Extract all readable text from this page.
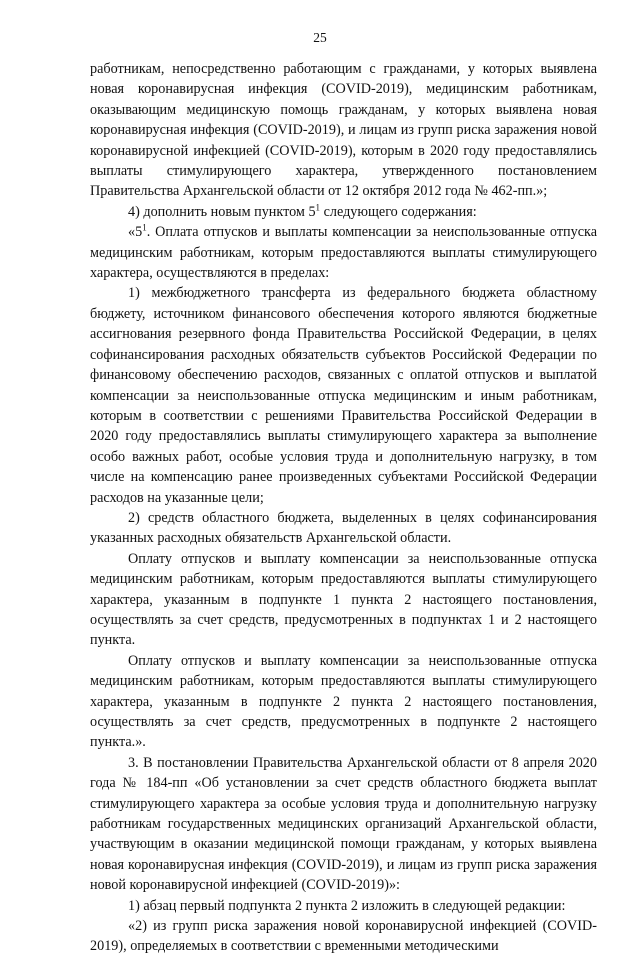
25

работникам, непосредственно работающим с гражданами, у которых выявлена новая коронавирусная инфекция (COVID-2019), медицинским работникам, оказывающим медицинскую помощь гражданам, у которых выявлена новая коронавирусная инфекция (COVID-2019), и лицам из групп риска заражения новой коронавирусной инфекцией (COVID-2019), которым в 2020 году предоставлялись выплаты стимулирующего характера, утвержденного постановлением Правительства Архангельской области от 12 октября 2012 года № 462-пп.»;

4) дополнить новым пунктом $5^1$ следующего содержания:

«$5^1$. Оплата отпусков и выплаты компенсации за неиспользованные отпуска медицинским работникам, которым предоставляются выплаты стимулирующего характера, осуществляются в пределах:

1) межбюджетного трансферта из федерального бюджета областному бюджету, источником финансового обеспечения которого являются бюджетные ассигнования резервного фонда Правительства Российской Федерации, в целях софинансирования расходных обязательств субъектов Российской Федерации по финансовому обеспечению расходов, связанных с оплатой отпусков и выплатой компенсации за неиспользованные отпуска медицинским и иным работникам, которым в соответствии с решениями Правительства Российской Федерации в 2020 году предоставлялись выплаты стимулирующего характера за выполнение особо важных работ, особые условия труда и дополнительную нагрузку, в том числе на компенсацию ранее произведенных субъектами Российской Федерации расходов на указанные цели;

2) средств областного бюджета, выделенных в целях софинансирования указанных расходных обязательств Архангельской области.

Оплату отпусков и выплату компенсации за неиспользованные отпуска медицинским работникам, которым предоставляются выплаты стимулирующего характера, указанным в подпункте 1 пункта 2 настоящего постановления, осуществлять за счет средств, предусмотренных в подпунктах 1 и 2 настоящего пункта.

Оплату отпусков и выплату компенсации за неиспользованные отпуска медицинским работникам, которым предоставляются выплаты стимулирующего характера, указанным в подпункте 2 пункта 2 настоящего постановления, осуществлять за счет средств, предусмотренных в подпункте 2 настоящего пункта.».

3. В постановлении Правительства Архангельской области от 8 апреля 2020 года № 184-пп «Об установлении за счет средств областного бюджета выплат стимулирующего характера за особые условия труда и дополнительную нагрузку работникам государственных медицинских организаций Архангельской области, участвующим в оказании медицинской помощи гражданам, у которых выявлена новая коронавирусная инфекция (COVID-2019), и лицам из групп риска заражения новой коронавирусной инфекцией (COVID-2019)»:

1) абзац первый подпункта 2 пункта 2 изложить в следующей редакции:

«2) из групп риска заражения новой коронавирусной инфекцией (COVID-2019), определяемых в соответствии с временными методическими
